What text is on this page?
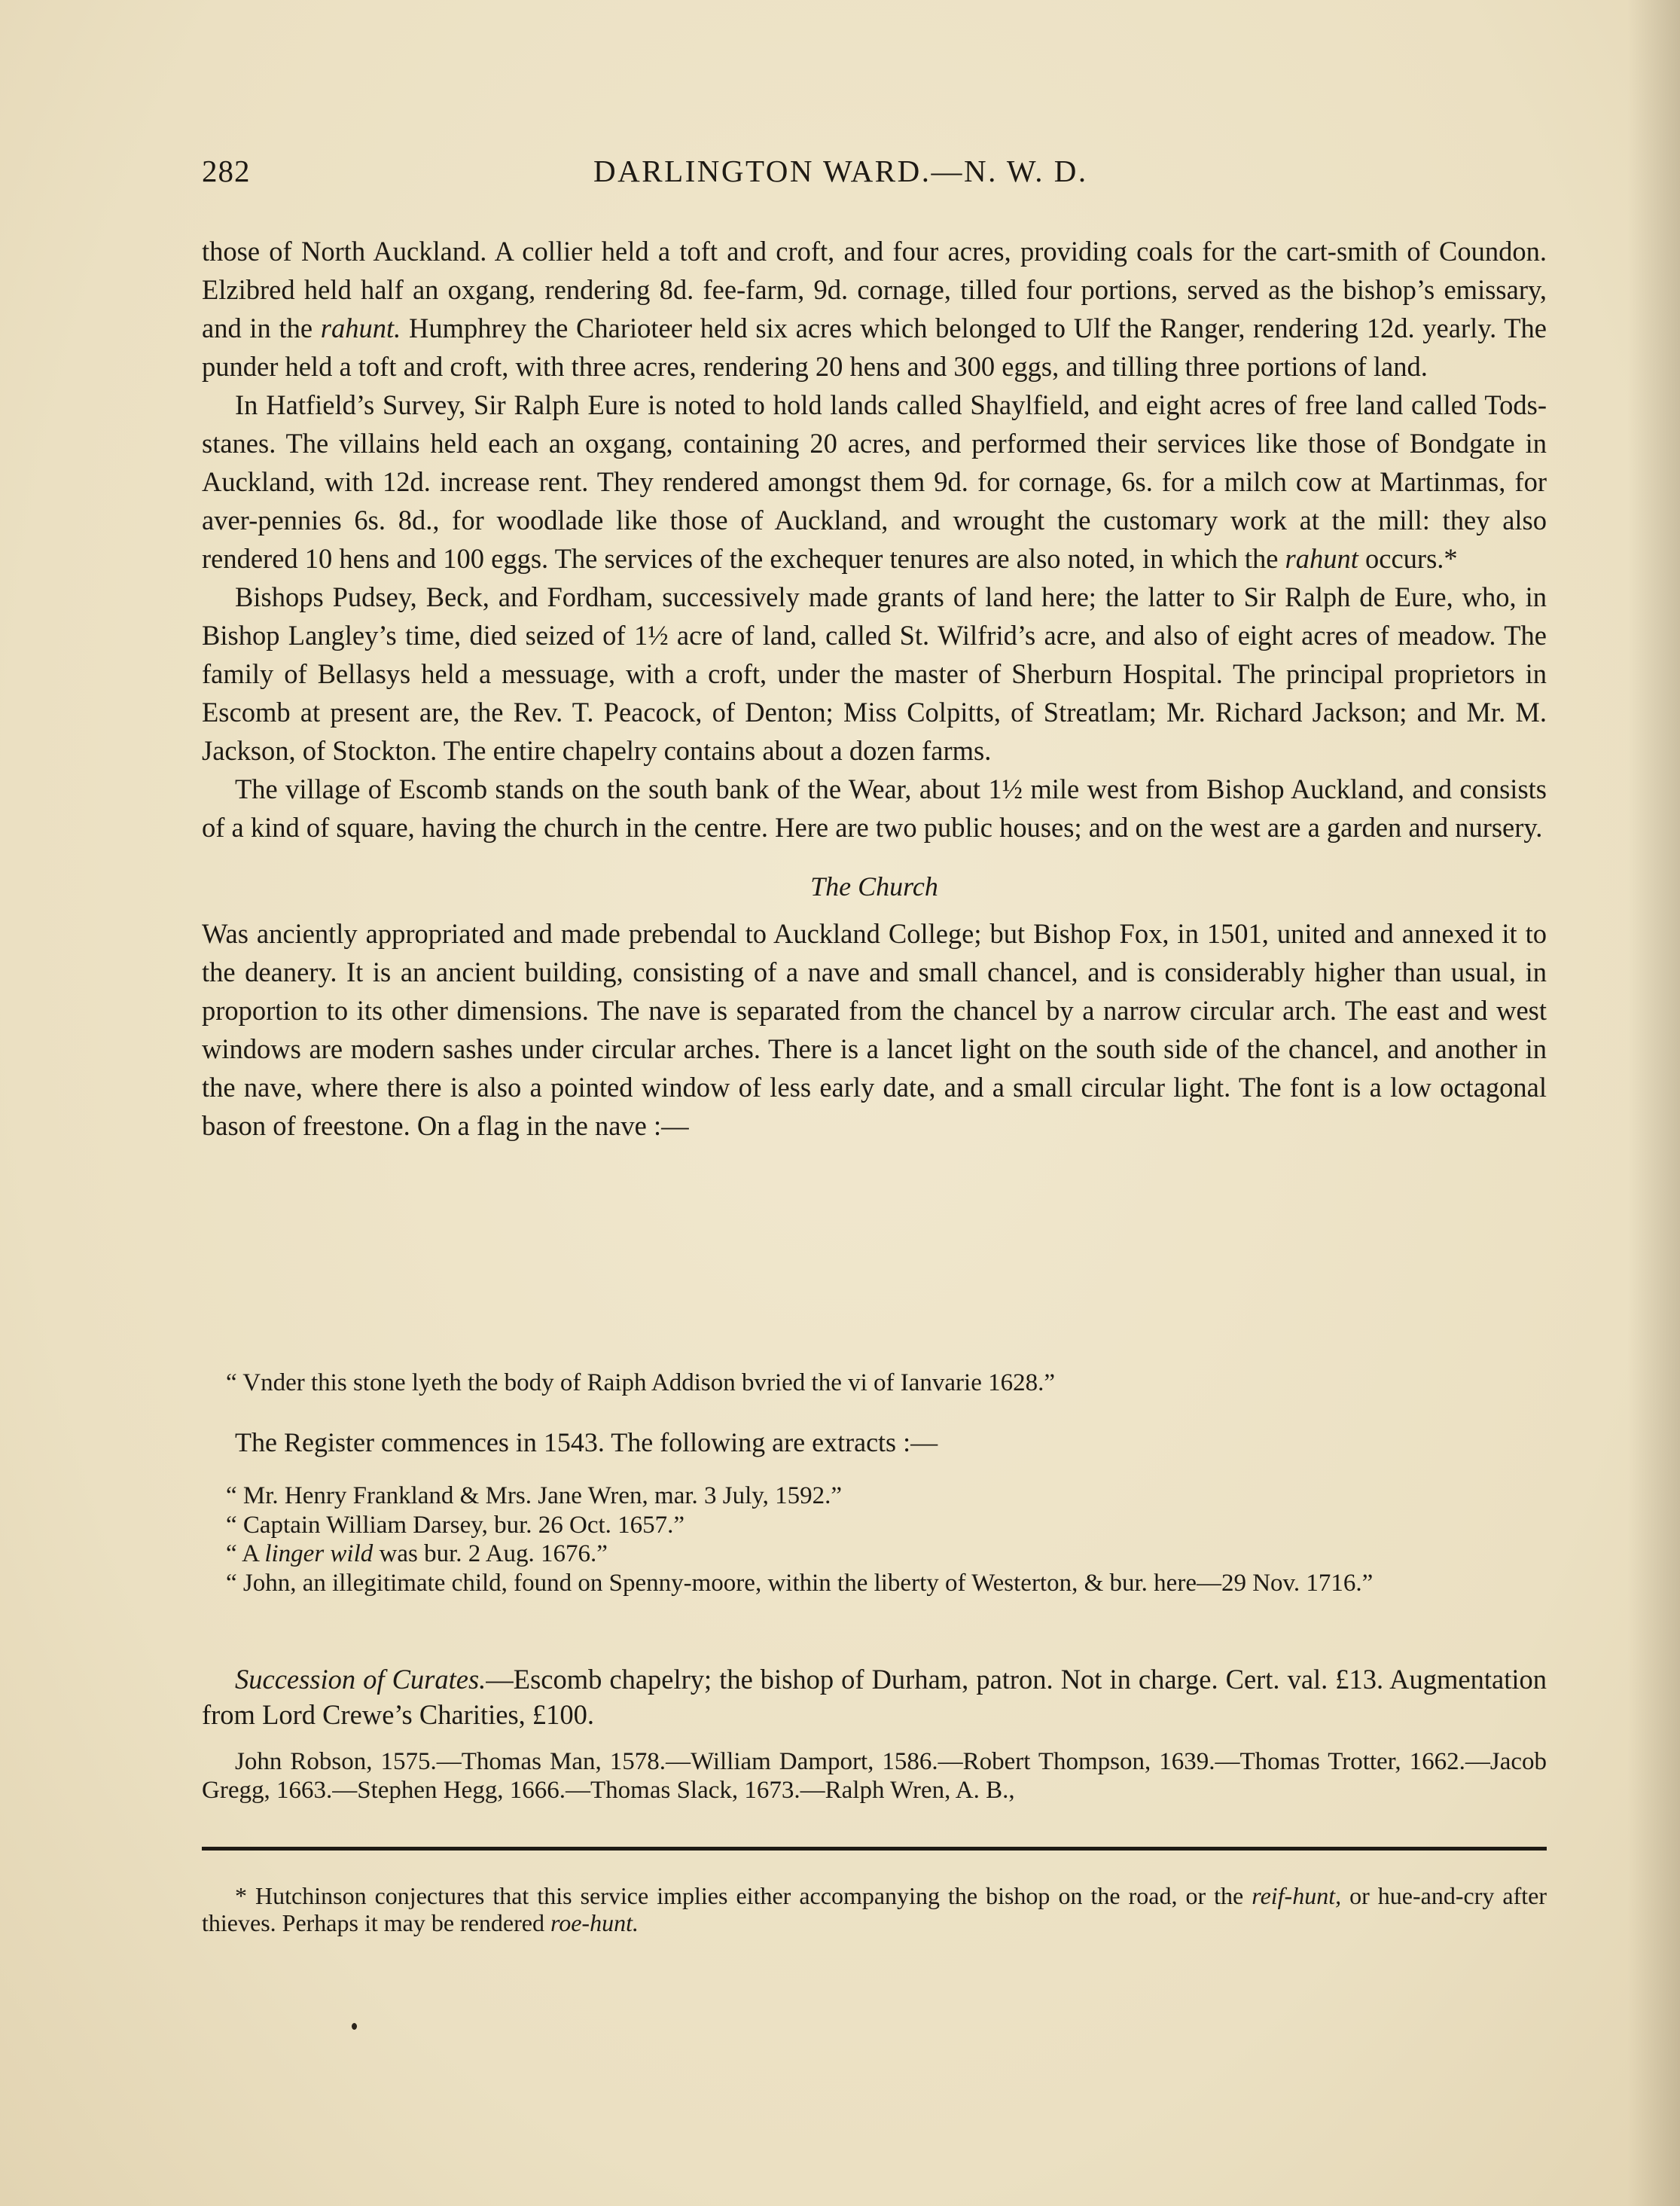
282	DARLINGTON WARD.—N. W. D.

those of North Auckland. A collier held a toft and croft, and four acres, providing coals for the cart-smith of Coundon. Elzibred held half an oxgang, rendering 8d. fee-farm, 9d. cornage, tilled four portions, served as the bishop’s emissary, and in the rahunt. Humphrey the Charioteer held six acres which belonged to Ulf the Ranger, rendering 12d. yearly. The punder held a toft and croft, with three acres, rendering 20 hens and 300 eggs, and tilling three portions of land.

In Hatfield’s Survey, Sir Ralph Eure is noted to hold lands called Shaylfield, and eight acres of free land called Tods-stanes. The villains held each an oxgang, containing 20 acres, and performed their services like those of Bondgate in Auckland, with 12d. increase rent. They rendered amongst them 9d. for cornage, 6s. for a milch cow at Martinmas, for aver-pennies 6s. 8d., for woodlade like those of Auckland, and wrought the customary work at the mill: they also rendered 10 hens and 100 eggs. The services of the exchequer tenures are also noted, in which the rahunt occurs.*

Bishops Pudsey, Beck, and Fordham, successively made grants of land here; the latter to Sir Ralph de Eure, who, in Bishop Langley’s time, died seized of 1½ acre of land, called St. Wilfrid’s acre, and also of eight acres of meadow. The family of Bellasys held a messuage, with a croft, under the master of Sherburn Hospital. The principal proprietors in Escomb at present are, the Rev. T. Peacock, of Denton; Miss Colpitts, of Streatlam; Mr. Richard Jackson; and Mr. M. Jackson, of Stockton. The entire chapelry contains about a dozen farms.

The village of Escomb stands on the south bank of the Wear, about 1½ mile west from Bishop Auckland, and consists of a kind of square, having the church in the centre. Here are two public houses; and on the west are a garden and nursery.

The Church

Was anciently appropriated and made prebendal to Auckland College; but Bishop Fox, in 1501, united and annexed it to the deanery. It is an ancient building, consisting of a nave and small chancel, and is considerably higher than usual, in proportion to its other dimensions. The nave is separated from the chancel by a narrow circular arch. The east and west windows are modern sashes under circular arches. There is a lancet light on the south side of the chancel, and another in the nave, where there is also a pointed window of less early date, and a small circular light. The font is a low octagonal bason of freestone. On a flag in the nave :—

“ Vnder this stone lyeth the body of Raiph Addison bvried the vi of Ianvarie 1628.”
The Register commences in 1543. The following are extracts :—
“ Mr. Henry Frankland & Mrs. Jane Wren, mar. 3 July, 1592.”
“ Captain William Darsey, bur. 26 Oct. 1657.”
“ A linger wild was bur. 2 Aug. 1676.”
“ John, an illegitimate child, found on Spenny-moore, within the liberty of Westerton, & bur. here—29 Nov. 1716.”

Succession of Curates.—Escomb chapelry; the bishop of Durham, patron. Not in charge. Cert. val. £13. Augmentation from Lord Crewe’s Charities, £100.

John Robson, 1575.—Thomas Man, 1578.—William Damport, 1586.—Robert Thompson, 1639.—Thomas Trotter, 1662.—Jacob Gregg, 1663.—Stephen Hegg, 1666.—Thomas Slack, 1673.—Ralph Wren, A. B.,

* Hutchinson conjectures that this service implies either accompanying the bishop on the road, or the reif-hunt, or hue-and-cry after thieves. Perhaps it may be rendered roe-hunt.
